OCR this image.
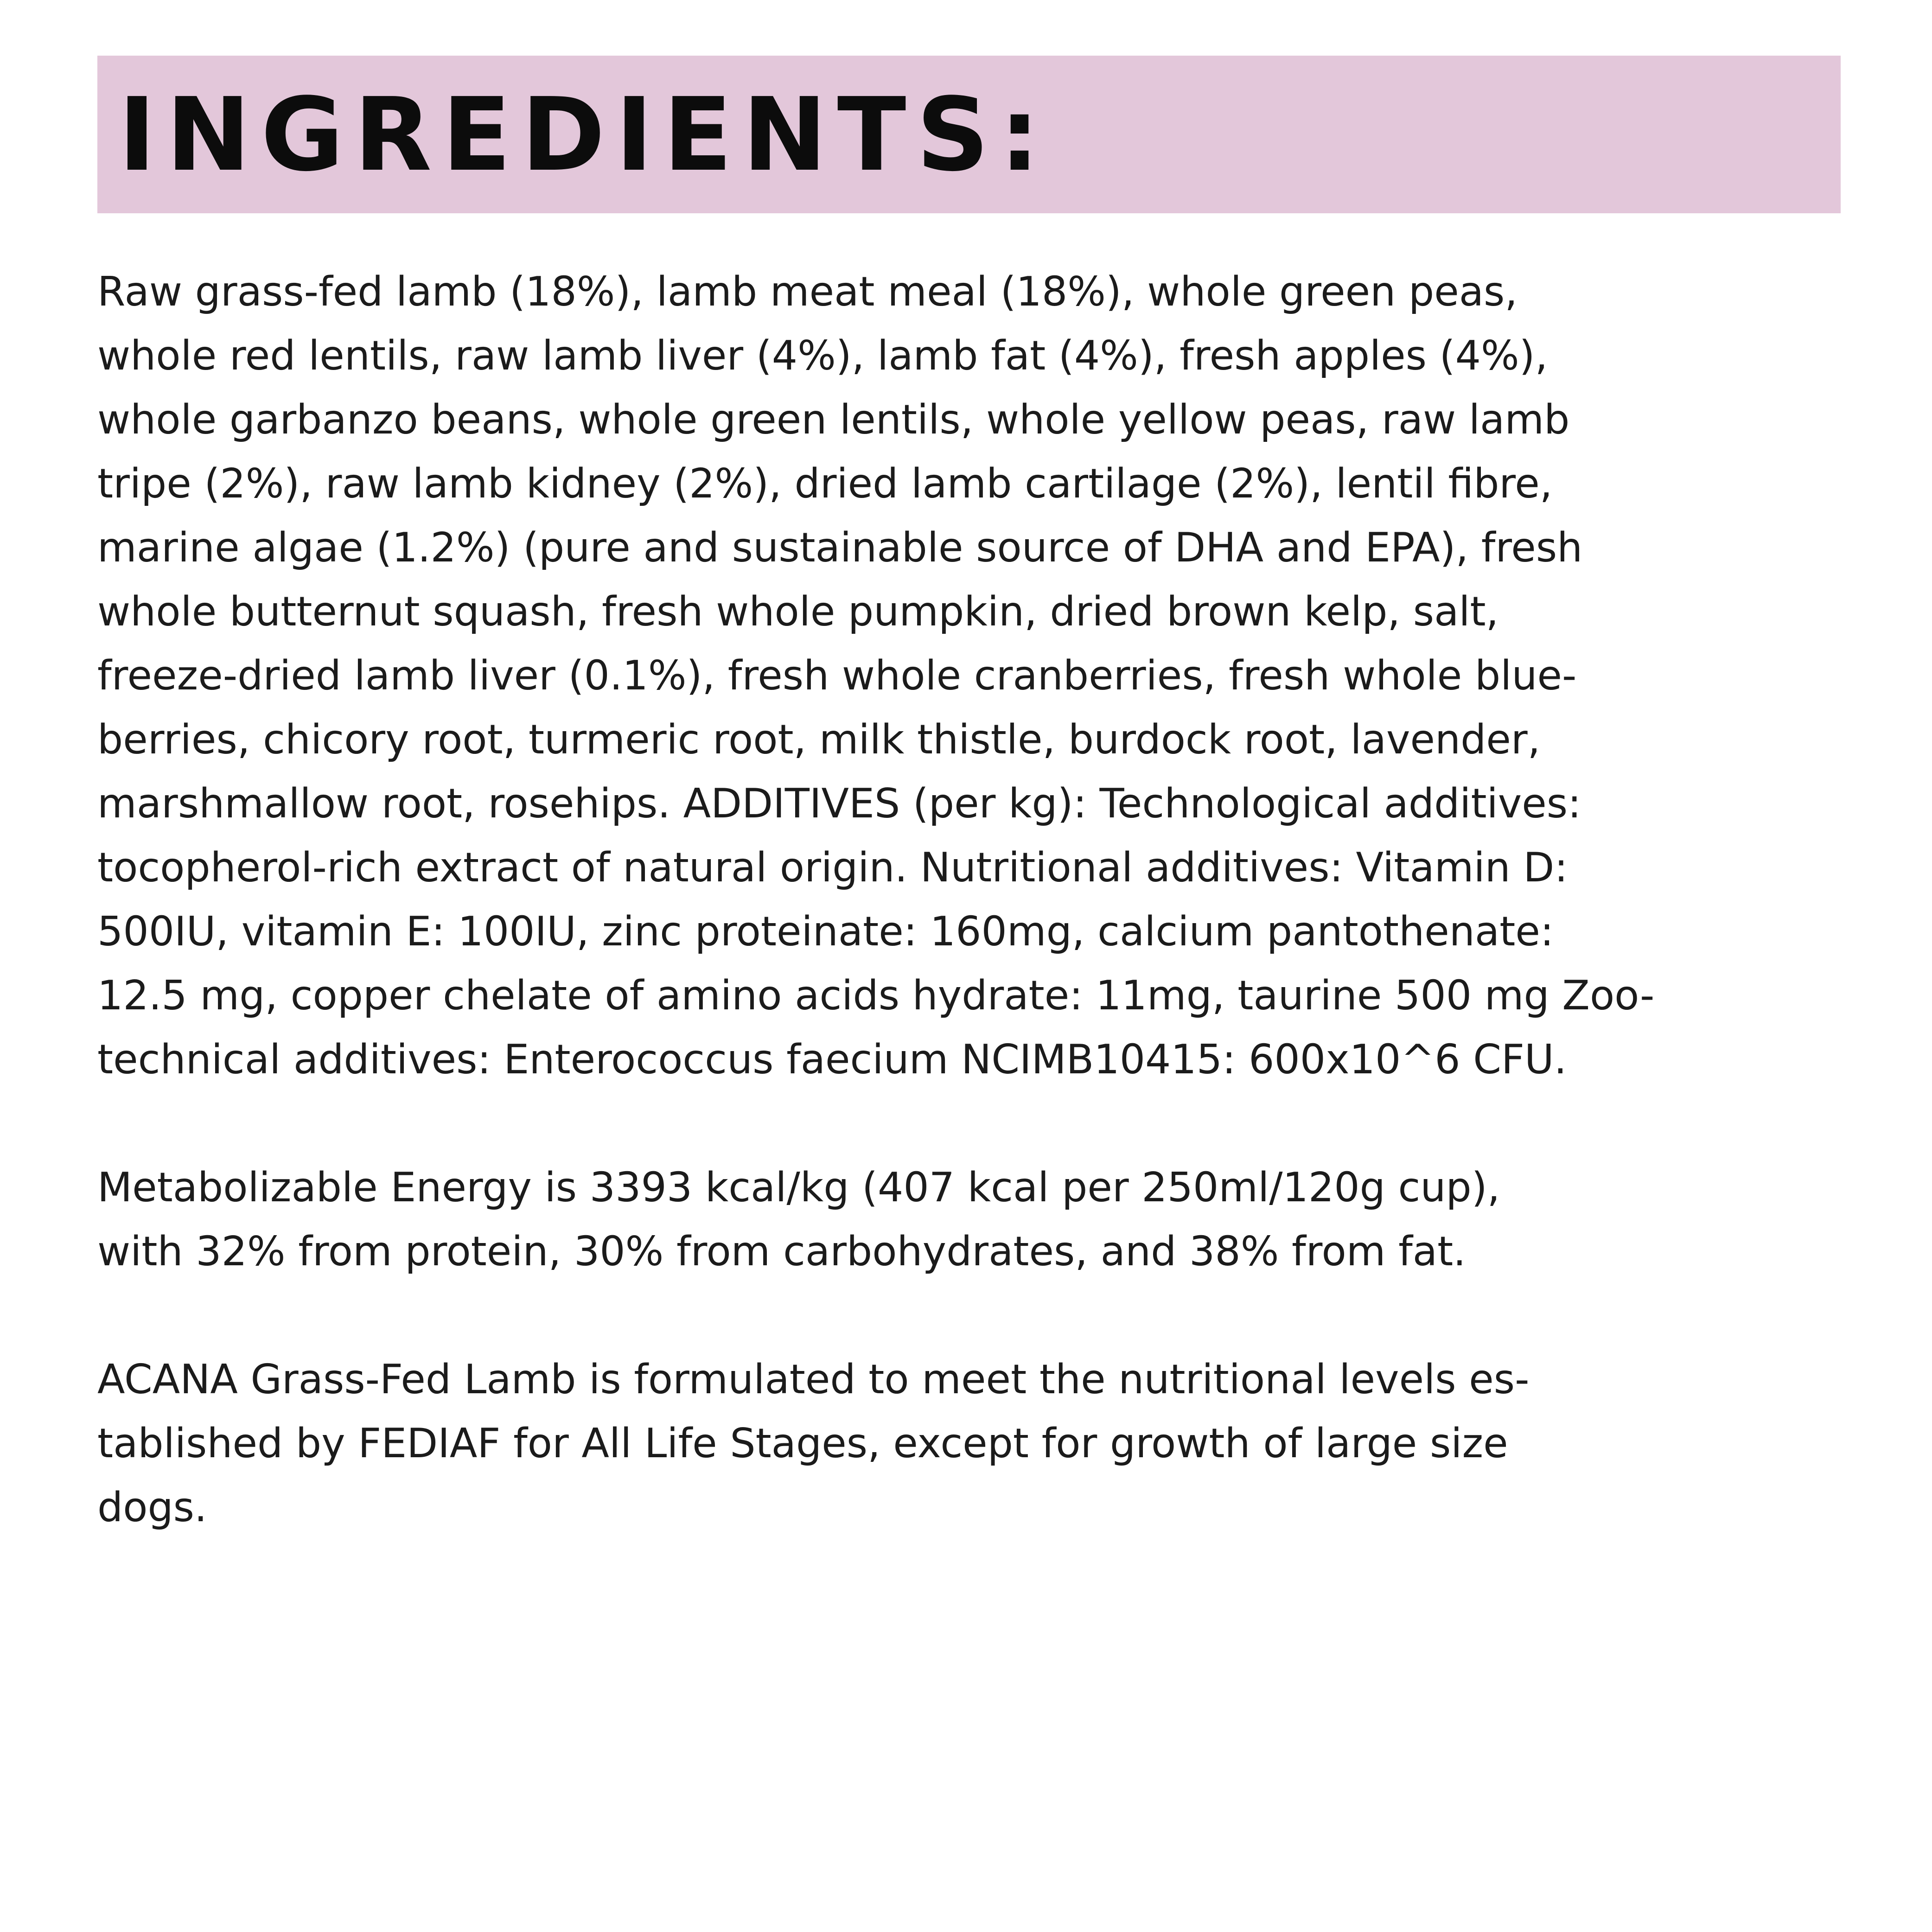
INGREDIENTS:

Raw grass-fed lamb (18%), lamb meat meal (18%), whole green peas,
whole red lentils, raw lamb liver (4%), lamb fat (4%), fresh apples (4%),
whole garbanzo beans, whole green lentils, whole yellow peas, raw lamb
tripe (2%), raw lamb kidney (2%), dried lamb cartilage (2%), lentil fibre,
marine algae (1.2%) (pure and sustainable source of DHA and EPA), fresh
whole butternut squash, fresh whole pumpkin, dried brown kelp, salt,
freeze-dried lamb liver (0.1%), fresh whole cranberries, fresh whole blue-
berries, chicory root, turmeric root, milk thistle, burdock root, lavender,
marshmallow root, rosehips. ADDITIVES (per kg): Technological additives:
tocopherol-rich extract of natural origin. Nutritional additives: Vitamin D:
500IU, vitamin E: 100IU, zinc proteinate: 160mg, calcium pantothenate:
12.5 mg, copper chelate of amino acids hydrate: 11mg, taurine 500 mg Zoo-
technical additives: Enterococcus faecium NCIMB10415: 600x10^6 CFU.

Metabolizable Energy is 3393 kcal/kg (407 kcal per 250ml/120g cup),
with 32% from protein, 30% from carbohydrates, and 38% from fat.

ACANA Grass-Fed Lamb is formulated to meet the nutritional levels es-
tablished by FEDIAF for All Life Stages, except for growth of large size
dogs.
